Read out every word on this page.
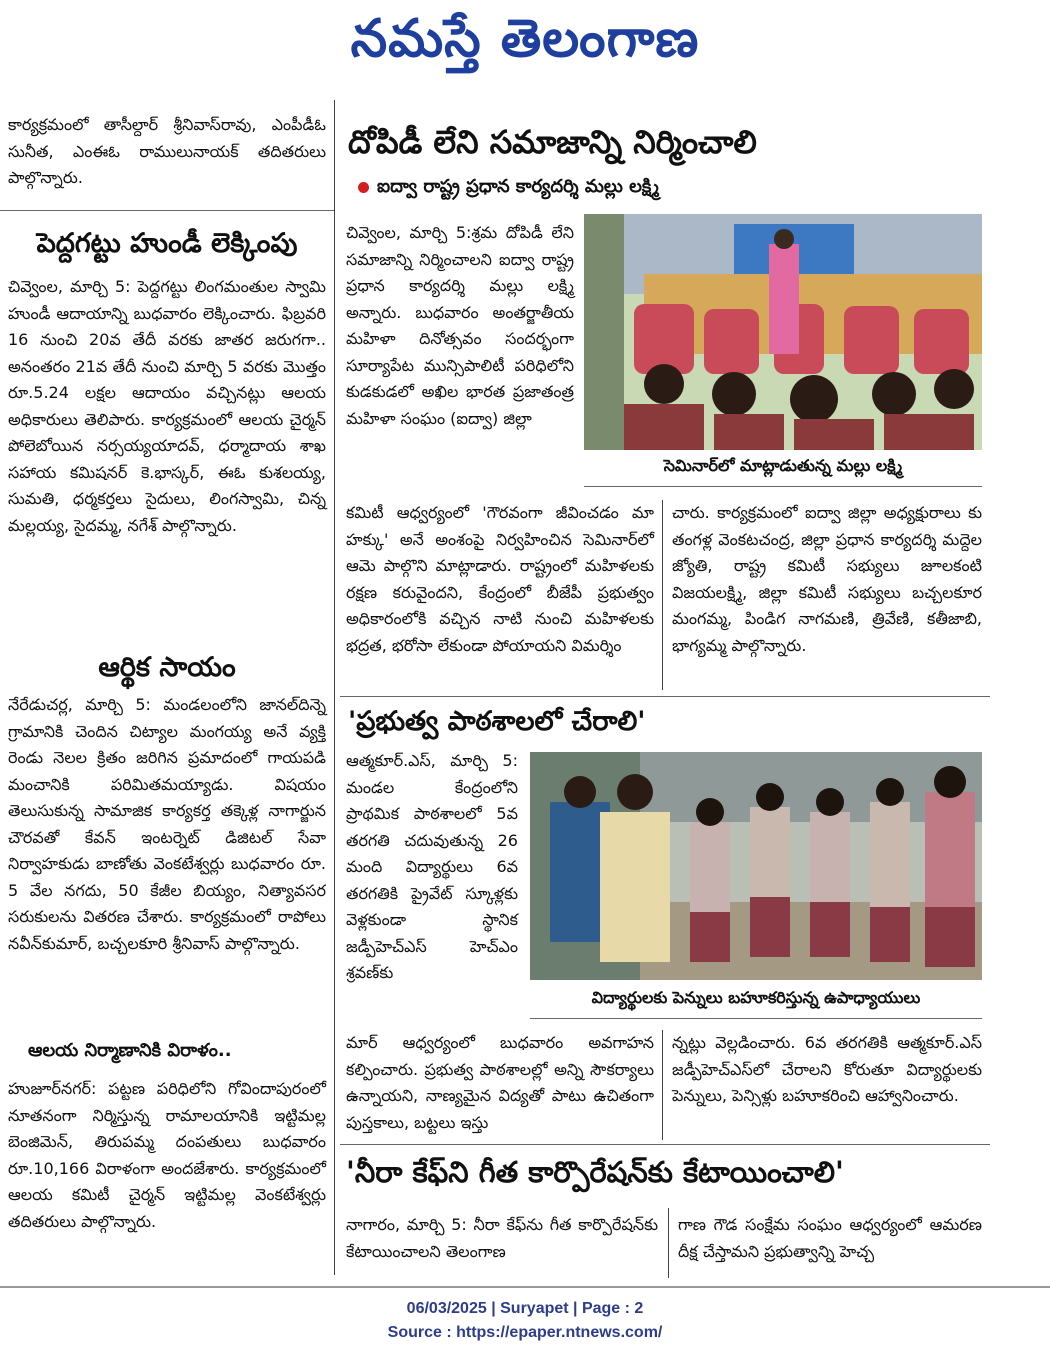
నమస్తే తెలంగాణ

కార్యక్రమంలో తాసీల్దార్ శ్రీనివాస్‌రావు, ఎంపీడీఓ సునీత, ఎంఈఓ రాములునాయక్ తదితరులు పాల్గొన్నారు.

పెద్దగట్టు హుండీ లెక్కింపు

చివ్వెంల, మార్చి 5: పెద్దగట్టు లింగమంతుల స్వామి హుండీ ఆదాయాన్ని బుధవారం లెక్కించారు. ఫిబ్రవరి 16 నుంచి 20వ తేదీ వరకు జాతర జరుగగా.. అనంతరం 21వ తేదీ నుంచి మార్చి 5 వరకు మొత్తం రూ.5.24 లక్షల ఆదాయం వచ్చినట్లు ఆలయ అధికారులు తెలిపారు. కార్యక్రమంలో ఆలయ చైర్మన్ పోలెబోయిన నర్సయ్యయాదవ్, ధర్మాదాయ శాఖ సహాయ కమిషనర్ కె.భాస్కర్, ఈఓ కుశలయ్య, సుమతి, ధర్మకర్తలు సైదులు, లింగస్వామి, చిన్న మల్లయ్య, సైదమ్మ, నగేశ్ పాల్గొన్నారు.

ఆర్థిక సాయం

నేరేడుచర్ల, మార్చి 5: మండలంలోని జానల్‌దిన్నె గ్రామానికి చెందిన చిట్యాల మంగయ్య అనే వ్యక్తి రెండు నెలల క్రితం జరిగిన ప్రమాదంలో గాయపడి మంచానికి పరిమితమయ్యాడు. విషయం తెలుసుకున్న సామాజిక కార్యకర్త తక్కెళ్ల నాగార్జున చౌరవతో కేవన్ ఇంటర్నెట్ డిజిటల్ సేవా నిర్వాహకుడు బాణోతు వెంకటేశ్వర్లు బుధవారం రూ. 5 వేల నగదు, 50 కేజీల బియ్యం, నిత్యావసర సరుకులను వితరణ చేశారు. కార్యక్రమంలో రాపోలు నవీన్‌కుమార్, బచ్చలకూరి శ్రీనివాస్ పాల్గొన్నారు.

ఆలయ నిర్మాణానికి విరాళం..

హుజూర్‌నగర్: పట్టణ పరిధిలోని గోవిందాపురంలో నూతనంగా నిర్మిస్తున్న రామాలయానికి ఇట్టిమల్ల బెంజిమెన్, తిరుపమ్మ దంపతులు బుధవారం రూ.10,166 విరాళంగా అందజేశారు. కార్యక్రమంలో ఆలయ కమిటీ చైర్మన్ ఇట్టిమల్ల వెంకటేశ్వర్లు తదితరులు పాల్గొన్నారు.

దోపిడీ లేని సమాజాన్ని నిర్మించాలి
ఐద్వా రాష్ట్ర ప్రధాన కార్యదర్శి మల్లు లక్ష్మి

చివ్వెంల, మార్చి 5:శ్రమ దోపిడీ లేని సమాజాన్ని నిర్మించాలని ఐద్వా రాష్ట్ర ప్రధాన కార్యదర్శి మల్లు లక్ష్మి అన్నారు. బుధవారం అంతర్జాతీయ మహిళా దినోత్సవం సందర్భంగా సూర్యాపేట మున్సిపాలిటీ పరిధిలోని కుడకుడలో అఖిల భారత ప్రజాతంత్ర మహిళా సంఘం (ఐద్వా) జిల్లా

సెమినార్‌లో మాట్లాడుతున్న మల్లు లక్ష్మి

కమిటీ ఆధ్వర్యంలో 'గౌరవంగా జీవించడం మా హక్కు' అనే అంశంపై నిర్వహించిన సెమినార్‌లో ఆమె పాల్గొని మాట్లాడారు. రాష్ట్రంలో మహిళలకు రక్షణ కరువైందని, కేంద్రంలో బీజేపీ ప్రభుత్వం అధికారంలోకి వచ్చిన నాటి నుంచి మహిళలకు భద్రత, భరోసా లేకుండా పోయాయని విమర్శిం

చారు. కార్యక్రమంలో ఐద్వా జిల్లా అధ్యక్షురాలు కు తంగళ్ల వెంకటచంద్ర, జిల్లా ప్రధాన కార్యదర్శి మద్దెల జ్యోతి, రాష్ట్ర కమిటీ సభ్యులు జూలకంటి విజయలక్ష్మి, జిల్లా కమిటీ సభ్యులు బచ్చలకూర మంగమ్మ, పిండిగ నాగమణి, త్రివేణి, కతీజాబి, భాగ్యమ్మ పాల్గొన్నారు.

'ప్రభుత్వ పాఠశాలలో చేరాలి'

ఆత్మకూర్.ఎస్, మార్చి 5: మండల కేంద్రంలోని ప్రాథమిక పాఠశాలలో 5వ తరగతి చదువుతున్న 26 మంది విద్యార్థులు 6వ తరగతికి ప్రైవేట్ స్కూళ్లకు వెళ్లకుండా స్థానిక జడ్పీహెచ్‌ఎస్ హెచ్‌ఎం శ్రవణ్‌కు

విద్యార్థులకు పెన్నులు బహూకరిస్తున్న ఉపాధ్యాయులు

మార్ ఆధ్వర్యంలో బుధవారం అవగాహన కల్పించారు. ప్రభుత్వ పాఠశాలల్లో అన్ని సౌకర్యాలు ఉన్నాయని, నాణ్యమైన విద్యతో పాటు ఉచితంగా పుస్తకాలు, బట్టలు ఇస్తు

న్నట్లు వెల్లడించారు. 6వ తరగతికి ఆత్మకూర్.ఎస్ జడ్పీహెచ్‌ఎస్‌లో చేరాలని కోరుతూ విద్యార్థులకు పెన్నులు, పెన్సిళ్లు బహూకరించి ఆహ్వానించారు.

'నీరా కేఫ్‌ని గీత కార్పొరేషన్‌కు కేటాయించాలి'

నాగారం, మార్చి 5: నీరా కేఫ్‌ను గీత కార్పొరేషన్‌కు కేటాయించాలని తెలంగాణ

గాణ గౌడ సంక్షేమ సంఘం ఆధ్వర్యంలో ఆమరణ దీక్ష చేస్తామని ప్రభుత్వాన్ని హెచ్చ

06/03/2025 | Suryapet | Page : 2
Source : https://epaper.ntnews.com/
